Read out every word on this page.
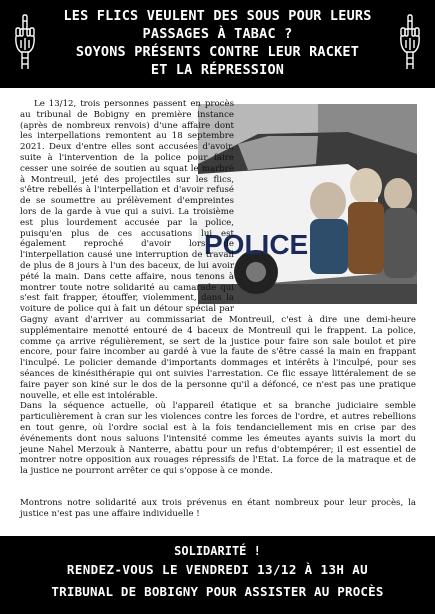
LES FLICS VEULENT DES SOUS POUR LEURS
PASSAGES À TABAC ?
SOYONS PRÉSENTS CONTRE LEUR RACKET
ET LA RÉPRESSION
POLICE

Le 13/12, trois personnes passent en procès au tribunal de Bobigny en première instance (après de nombreux renvois) d'une affaire dont les interpellations remontent au 18 septembre 2021. Deux d'entre elles sont accusées d'avoir, suite à l'intervention de la police pour faire cesser une soirée de soutien au squat le marbré à Montreuil, jeté des projectiles sur les flics, s'être rebellés à l'interpellation et d'avoir refusé de se soumettre au prélèvement d'empreintes lors de la garde à vue qui a suivi. La troisième est plus lourdement accusée par la police, puisqu'en plus de ces accusations lui est également reproché d'avoir lors de l'interpellation causé une interruption de travail de plus de 8 jours à l'un des baceux, de lui avoir pété la main. Dans cette affaire, nous tenons à montrer toute notre solidarité au camarade qui s'est fait frapper, étouffer, violemment, dans la voiture de police qui à fait un détour spécial par Gagny avant d'arriver au commissariat de Montreuil, c'est à dire une demi-heure supplémentaire menotté entouré de 4 baceux de Montreuil qui le frappent. La police, comme ça arrive régulièrement, se sert de la justice pour faire son sale boulot et pire encore, pour faire incomber au gardé à vue la faute de s'être cassé la main en frappant l'inculpé. Le policier demande d'importants dommages et intérêts à l'inculpé, pour ses séances de kinésithérapie qui ont suivies l'arrestation. Ce flic essaye littéralement de se faire payer son kiné sur le dos de la personne qu'il a défoncé, ce n'est pas une pratique nouvelle, et elle est intolérable.

Dans la séquence actuelle, où l'appareil étatique et sa branche judiciaire semble particulièrement à cran sur les violences contre les forces de l'ordre, et autres rebellions en tout genre, où l'ordre social est à la fois tendanciellement mis en crise par des événements dont nous saluons l'intensité comme les émeutes ayants suivis la mort du jeune Nahel Merzouk à Nanterre, abattu pour un refus d'obtempérer; il est essentiel de montrer notre opposition aux rouages répressifs de l'Etat. La force de la matraque et de la justice ne pourront arrêter ce qui s'oppose à ce monde.

Montrons notre solidarité aux trois prévenus en étant nombreux pour leur procès, la justice n'est pas une affaire individuelle !

SOLIDARITÉ !
RENDEZ-VOUS LE VENDREDI 13/12 À 13H AU
TRIBUNAL DE BOBIGNY POUR ASSISTER AU PROCÈS
